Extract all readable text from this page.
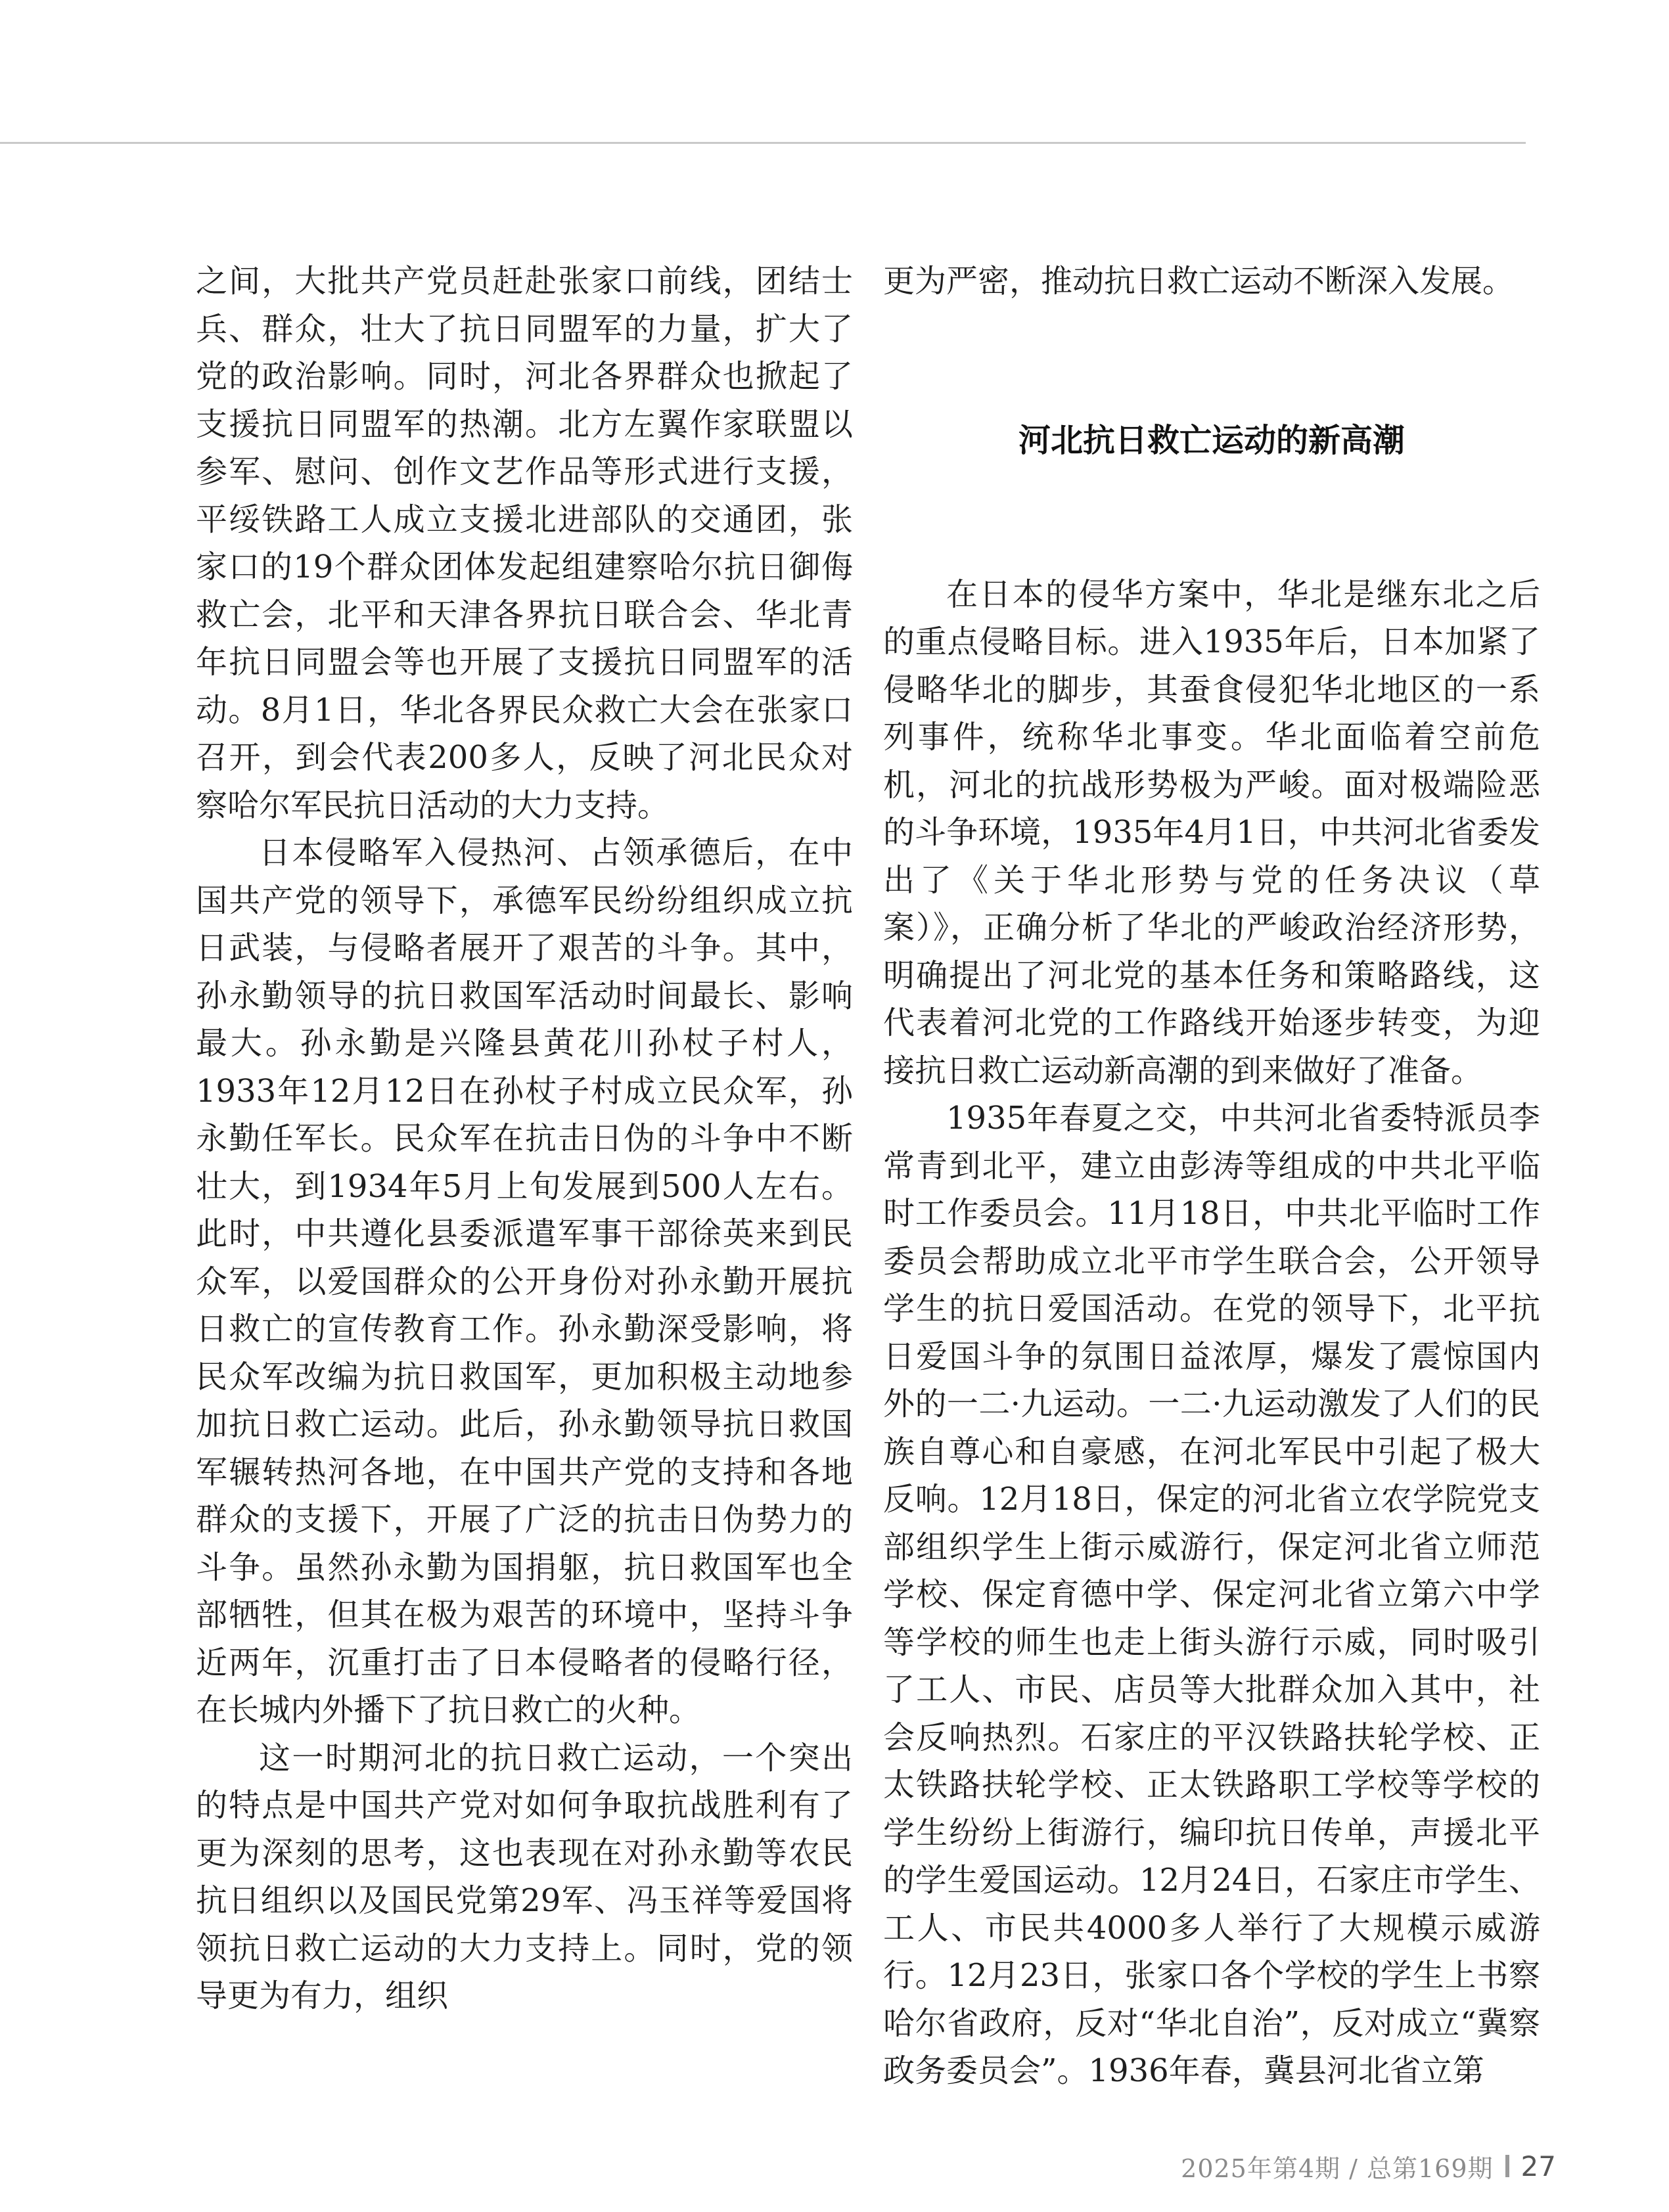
之间，大批共产党员赶赴张家口前线，团结士兵、群众，壮大了抗日同盟军的力量，扩大了党的政治影响。同时，河北各界群众也掀起了支援抗日同盟军的热潮。北方左翼作家联盟以参军、慰问、创作文艺作品等形式进行支援，平绥铁路工人成立支援北进部队的交通团，张家口的19个群众团体发起组建察哈尔抗日御侮救亡会，北平和天津各界抗日联合会、华北青年抗日同盟会等也开展了支援抗日同盟军的活动。8月1日，华北各界民众救亡大会在张家口召开，到会代表200多人，反映了河北民众对察哈尔军民抗日活动的大力支持。

日本侵略军入侵热河、占领承德后，在中国共产党的领导下，承德军民纷纷组织成立抗日武装，与侵略者展开了艰苦的斗争。其中，孙永勤领导的抗日救国军活动时间最长、影响最大。孙永勤是兴隆县黄花川孙杖子村人，1933年12月12日在孙杖子村成立民众军，孙永勤任军长。民众军在抗击日伪的斗争中不断壮大，到1934年5月上旬发展到500人左右。此时，中共遵化县委派遣军事干部徐英来到民众军，以爱国群众的公开身份对孙永勤开展抗日救亡的宣传教育工作。孙永勤深受影响，将民众军改编为抗日救国军，更加积极主动地参加抗日救亡运动。此后，孙永勤领导抗日救国军辗转热河各地，在中国共产党的支持和各地群众的支援下，开展了广泛的抗击日伪势力的斗争。虽然孙永勤为国捐躯，抗日救国军也全部牺牲，但其在极为艰苦的环境中，坚持斗争近两年，沉重打击了日本侵略者的侵略行径，在长城内外播下了抗日救亡的火种。

这一时期河北的抗日救亡运动，一个突出的特点是中国共产党对如何争取抗战胜利有了更为深刻的思考，这也表现在对孙永勤等农民抗日组织以及国民党第29军、冯玉祥等爱国将领抗日救亡运动的大力支持上。同时，党的领导更为有力，组织

更为严密，推动抗日救亡运动不断深入发展。

河北抗日救亡运动的新高潮

在日本的侵华方案中，华北是继东北之后的重点侵略目标。进入1935年后，日本加紧了侵略华北的脚步，其蚕食侵犯华北地区的一系列事件，统称华北事变。华北面临着空前危机，河北的抗战形势极为严峻。面对极端险恶的斗争环境，1935年4月1日，中共河北省委发出了《关于华北形势与党的任务决议（草案）》，正确分析了华北的严峻政治经济形势，明确提出了河北党的基本任务和策略路线，这代表着河北党的工作路线开始逐步转变，为迎接抗日救亡运动新高潮的到来做好了准备。

1935年春夏之交，中共河北省委特派员李常青到北平，建立由彭涛等组成的中共北平临时工作委员会。11月18日，中共北平临时工作委员会帮助成立北平市学生联合会，公开领导学生的抗日爱国活动。在党的领导下，北平抗日爱国斗争的氛围日益浓厚，爆发了震惊国内外的一二·九运动。一二·九运动激发了人们的民族自尊心和自豪感，在河北军民中引起了极大反响。12月18日，保定的河北省立农学院党支部组织学生上街示威游行，保定河北省立师范学校、保定育德中学、保定河北省立第六中学等学校的师生也走上街头游行示威，同时吸引了工人、市民、店员等大批群众加入其中，社会反响热烈。石家庄的平汉铁路扶轮学校、正太铁路扶轮学校、正太铁路职工学校等学校的学生纷纷上街游行，编印抗日传单，声援北平的学生爱国运动。12月24日，石家庄市学生、工人、市民共4000多人举行了大规模示威游行。12月23日，张家口各个学校的学生上书察哈尔省政府，反对“华北自治”，反对成立“冀察政务委员会”。1936年春，冀县河北省立第

2025年第4期 / 总第169期 27
